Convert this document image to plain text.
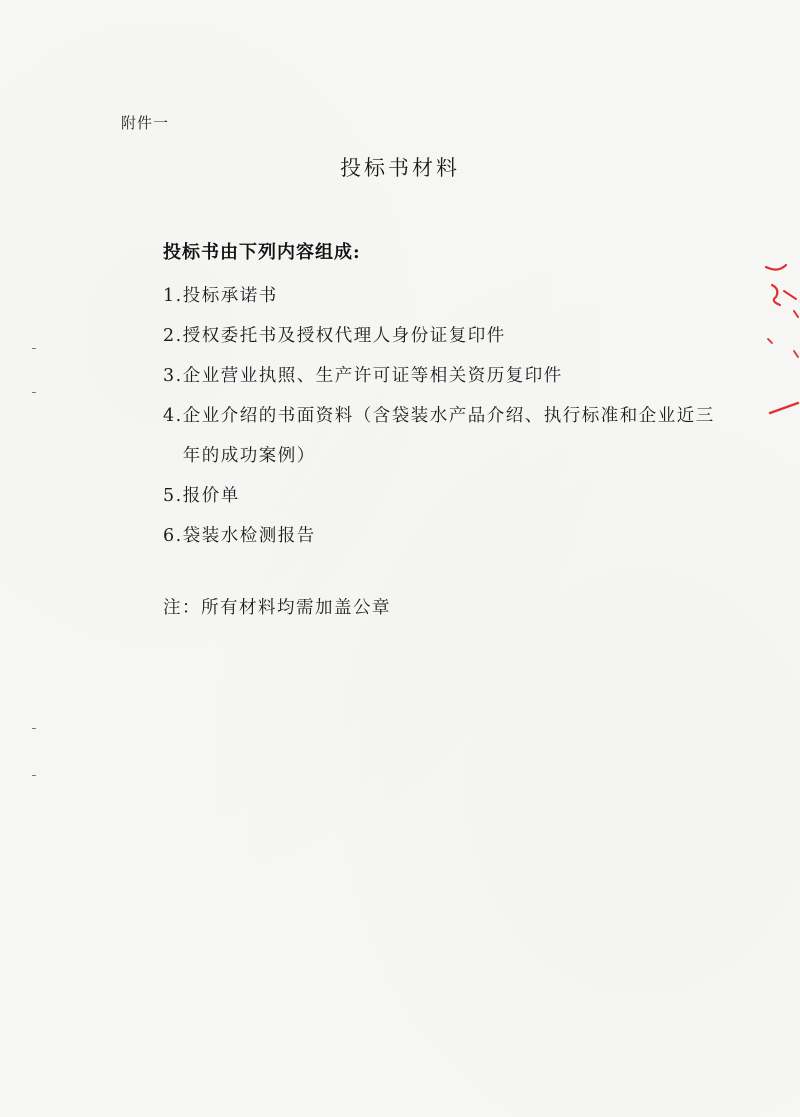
附件一
投标书材料
投标书由下列内容组成:
1. 投标承诺书
2. 授权委托书及授权代理人身份证复印件
3. 企业营业执照、生产许可证等相关资历复印件
4. 企业介绍的书面资料（含袋装水产品介绍、执行标准和企业近三年的成功案例）
5. 报价单
6. 袋装水检测报告
注：所有材料均需加盖公章
